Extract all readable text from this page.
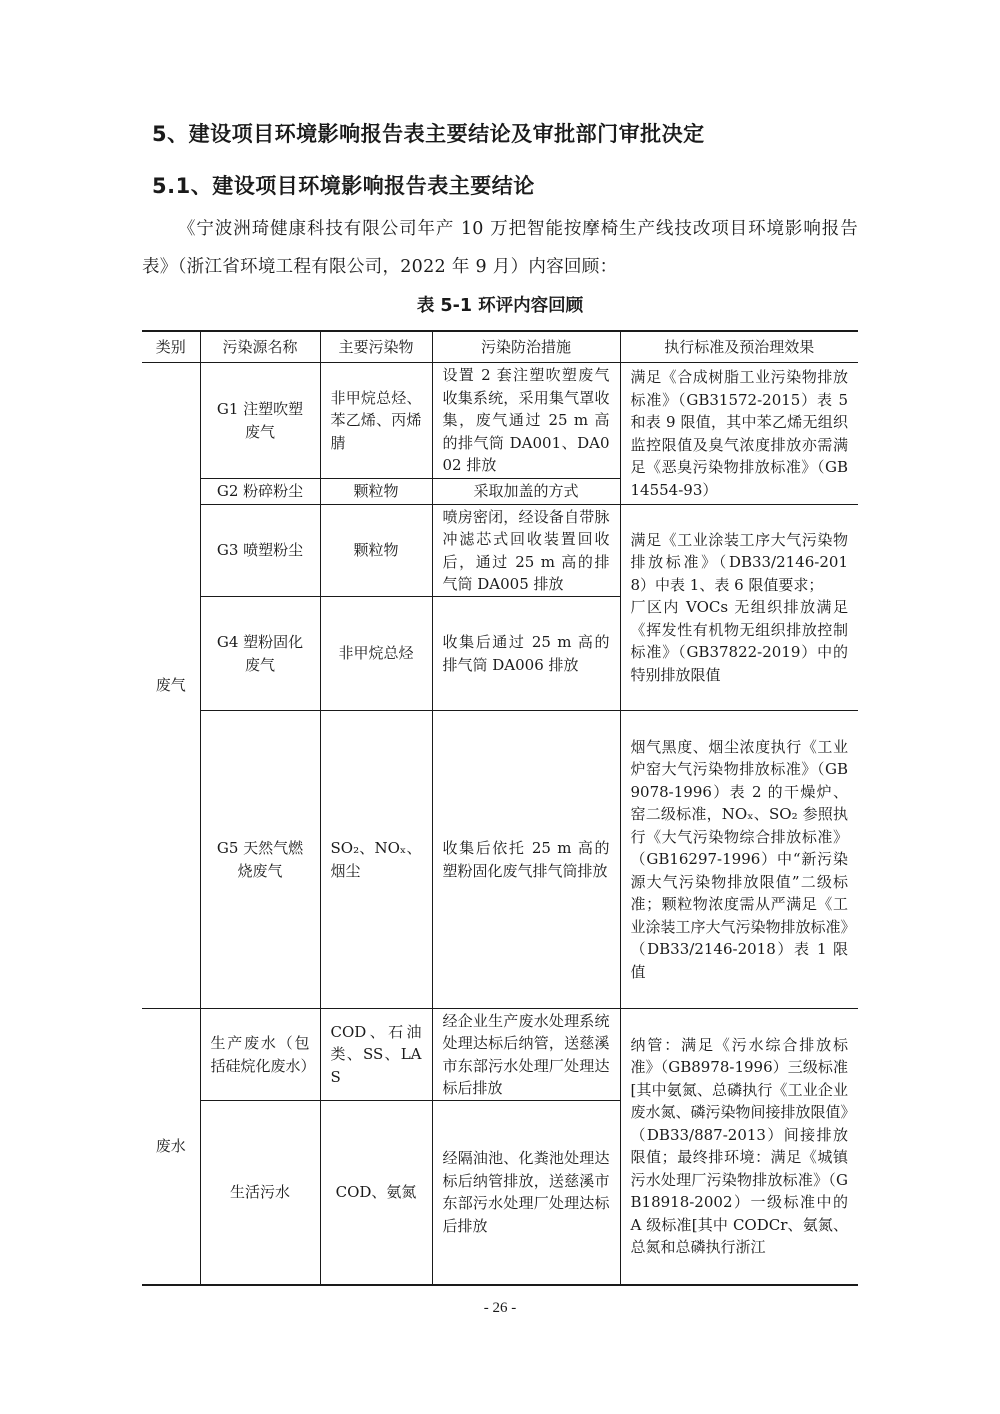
5、建设项目环境影响报告表主要结论及审批部门审批决定
5.1、建设项目环境影响报告表主要结论
《宁波洲琦健康科技有限公司年产 10 万把智能按摩椅生产线技改项目环境影响报告表》（浙江省环境工程有限公司，2022 年 9 月）内容回顾：
表 5-1 环评内容回顾
类别	污染源名称	主要污染物	污染防治措施	执行标准及预治理效果
废气	G1 注塑吹塑废气	非甲烷总烃、苯乙烯、丙烯腈	设置 2 套注塑吹塑废气收集系统，采用集气罩收集，废气通过 25 m 高的排气筒 DA001、DA002 排放	满足《合成树脂工业污染物排放标准》（GB31572-2015）表 5 和表 9 限值，其中苯乙烯无组织监控限值及臭气浓度排放亦需满足《恶臭污染物排放标准》（GB14554-93）
	G2 粉碎粉尘	颗粒物	采取加盖的方式	
	G3 喷塑粉尘	颗粒物	喷房密闭，经设备自带脉冲滤芯式回收装置回收后，通过 25 m 高的排气筒 DA005 排放	满足《工业涂装工序大气污染物排放标准》（DB33/2146-2018）中表 1、表 6 限值要求；
厂区内 VOCs 无组织排放满足《挥发性有机物无组织排放控制标准》（GB37822-2019）中的特别排放限值

	G4 塑粉固化废气	非甲烷总烃	收集后通过 25 m 高的排气筒 DA006 排放	
	G5 天然气燃烧废气	SO₂、NOₓ、烟尘	收集后依托 25 m 高的塑粉固化废气排气筒排放	烟气黑度、烟尘浓度执行《工业炉窑大气污染物排放标准》（GB9078-1996）表 2 的干燥炉、窑二级标准，NOₓ、SO₂ 参照执行《大气污染物综合排放标准》（GB16297-1996）中“新污染源大气污染物排放限值”二级标准；颗粒物浓度需从严满足《工业涂装工序大气污染物排放标准》（DB33/2146-2018）表 1 限值
废水	生产废水（包括硅烷化废水）	COD、石油类、SS、LAS	经企业生产废水处理系统处理达标后纳管，送慈溪市东部污水处理厂处理达标后排放	纳管：满足《污水综合排放标准》（GB8978-1996）三级标准[其中氨氮、总磷执行《工业企业废水氮、磷污染物间接排放限值》（DB33/887-2013）间接排放限值；最终排环境：满足《城镇污水处理厂污染物排放标准》（GB18918-2002）一级标准中的 A 级标准[其中 CODCr、氨氮、总氮和总磷执行浙江
	生活污水	COD、氨氮	经隔油池、化粪池处理达标后纳管排放，送慈溪市东部污水处理厂处理达标后排放	
- 26 -
